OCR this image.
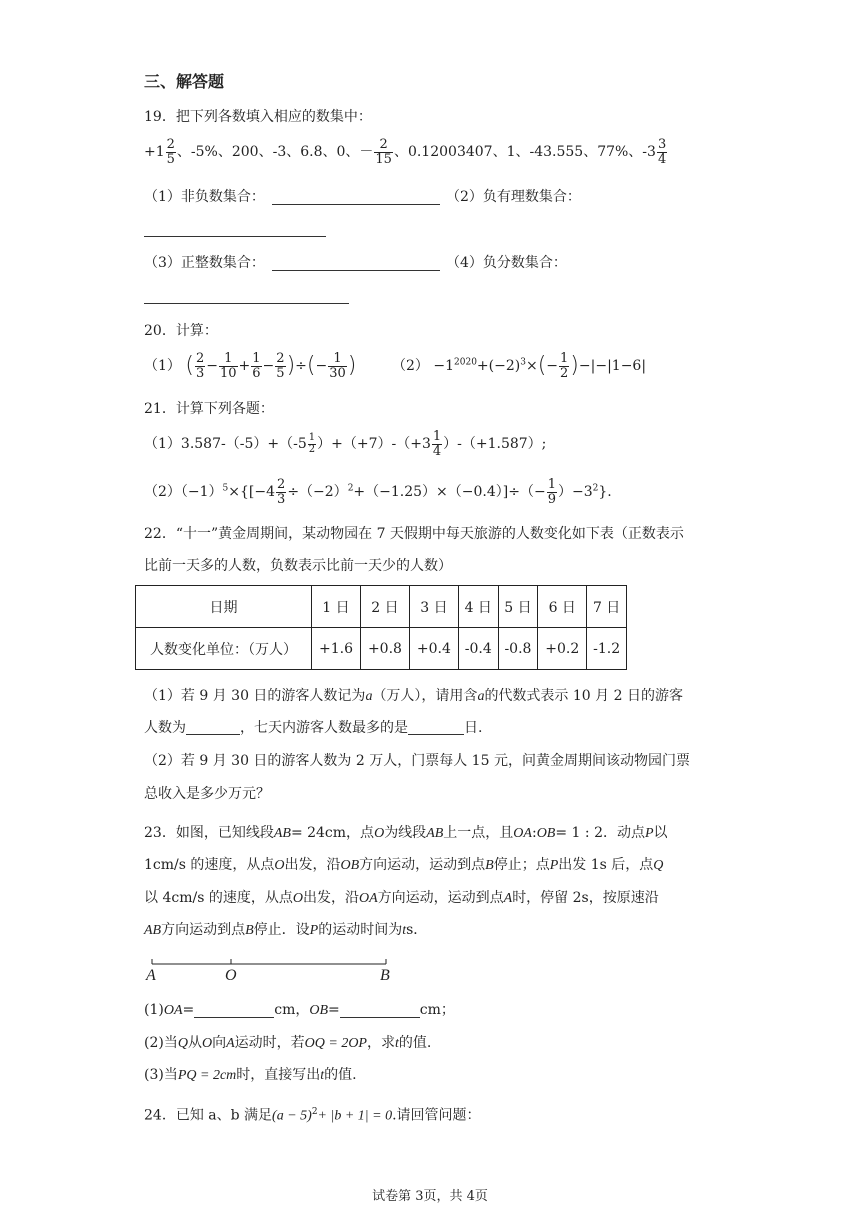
三、解答题
19．把下列各数填入相应的数集中：
$+1 \frac{2}{5}$ 、-5%、200、-3、6.8、0、－ $\frac{2}{15}$ 、0.12003407、1、-43.555、77%、$-3 \frac{3}{4}$
（1）非负数集合：	（2）负有理数集合：
（3）正整数集合：	（4）负分数集合：
20．计算：
（1） ( $\frac{2}{3} - \frac{1}{10} + \frac{1}{6} - \frac{2}{5}$ )÷(− $\frac{1}{30}$ )	$(2) -1^{2020}+(-2)^3\times(- \frac{1}{2} )-|-|1-6|$
21．计算下列各题：
$(1)3.587-(-5)+(-5 \frac{1}{2} )+(+7)-(+3 \frac{1}{4} )-(+1.587)$;
$(2)(-1)^5\times\{[-4 \frac{2}{3} \div(-2)^2+(-1.25)\times(-0.4)]\div(- \frac{1}{9} )-3^2\}$.
22．“十一”黄金周期间，某动物园在 7 天假期中每天旅游的人数变化如下表（正数表示
比前一天多的人数，负数表示比前一天少的人数）
日期	1 日	2 日	3 日	4 日	5 日	6 日	7 日
人数变化单位：（万人）	+1.6	+0.8	+0.4	-0.4	-0.8	+0.2	-1.2
（1）若 9 月 30 日的游客人数记为a（万人），请用含a的代数式表示 10 月 2 日的游客
人数为	，七天内游客人数最多的是	日.
（2）若 9 月 30 日的游客人数为 2 万人，门票每人 15 元，问黄金周期间该动物园门票
总收入是多少万元？
23．如图，已知线段AB= 24cm，点O为线段AB上一点，且OA:OB= 1 : 2．动点P以
1cm/s 的速度，从点O出发，沿OB方向运动，运动到点B停止；点P出发 1s 后，点Q
以 4cm/s 的速度，从点O出发，沿OA方向运动，运动到点A时，停留 2s，按原速沿
AB方向运动到点B停止．设P的运动时间为ts．
A	O	B
(1)OA=	cm，OB=	cm；
(2)当Q从O向A运动时，若OQ = 2OP，求t的值.
(3)当PQ = 2cm时，直接写出t的值.
24．已知 a、b 满足$(a - 5)^2+ |b + 1| = 0$.请回管问题：
试卷第 3页，共 4页
